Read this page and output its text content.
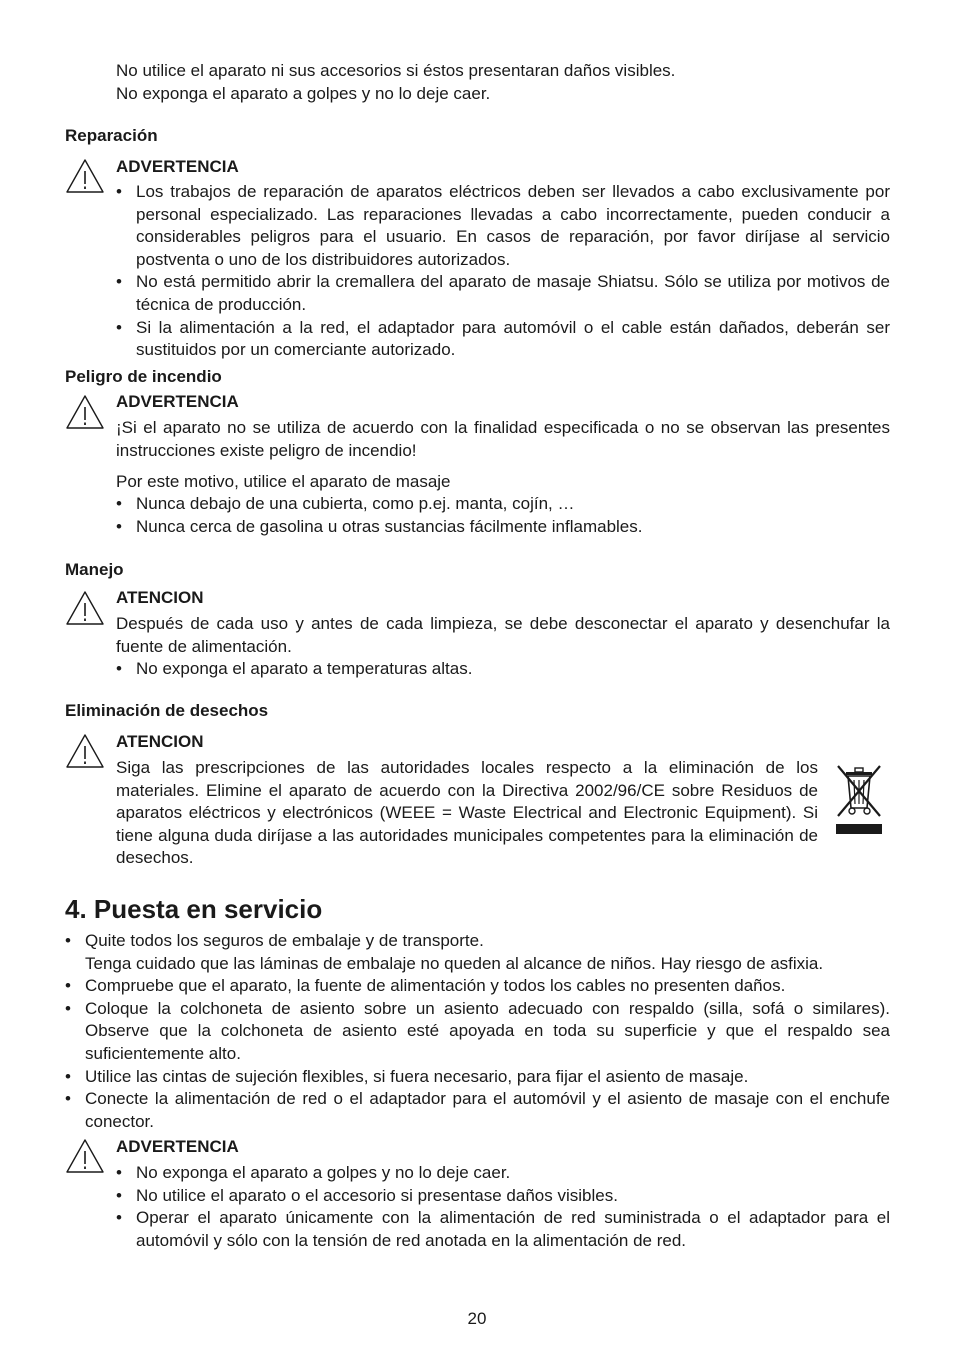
No utilice el aparato ni sus accesorios si éstos presentaran daños visibles.

No exponga el aparato a golpes y no lo deje caer.

Reparación
ADVERTENCIA
• Los trabajos de reparación de aparatos eléctricos deben ser llevados a cabo exclusivamente por personal especializado. Las reparaciones llevadas a cabo incorrectamente, pueden conducir a considerables peligros para el usuario. En casos de reparación, por favor diríjase al servicio postventa o uno de los distribuidores autorizados.
• No está permitido abrir la cremallera del aparato de masaje Shiatsu. Sólo se utiliza por motivos de técnica de producción.
• Si la alimentación a la red, el adaptador para automóvil o el cable están dañados, deberán ser sustituidos por un comerciante autorizado.
Peligro de incendio
ADVERTENCIA

¡Si el aparato no se utiliza de acuerdo con la finalidad especificada o no se observan las presentes instrucciones existe peligro de incendio!

Por este motivo, utilice el aparato de masaje

• Nunca debajo de una cubierta, como p.ej. manta, cojín, …
• Nunca cerca de gasolina u otras sustancias fácilmente inflamables.
Manejo
ATENCION

Después de cada uso y antes de cada limpieza, se debe desconectar el aparato y desenchufar la fuente de alimentación.

• No exponga el aparato a temperaturas altas.
Eliminación de desechos
ATENCION

Siga las prescripciones de las autoridades locales respecto a la eliminación de los materiales. Elimine el aparato de acuerdo con la Directiva 2002/96/CE sobre Residuos de aparatos eléctricos y electrónicos (WEEE = Waste Electrical and Electronic Equipment). Si tiene alguna duda diríjase a las autoridades municipales competentes para la eliminación de desechos.

4. Puesta en servicio
• Quite todos los seguros de embalaje y de transporte.
Tenga cuidado que las láminas de embalaje no queden al alcance de niños. Hay riesgo de asfixia.
• Compruebe que el aparato, la fuente de alimentación y todos los cables no presenten daños.
• Coloque la colchoneta de asiento sobre un asiento adecuado con respaldo (silla, sofá o similares). Observe que la colchoneta de asiento esté apoyada en toda su superficie y que el respaldo sea suficientemente alto.
• Utilice las cintas de sujeción flexibles, si fuera necesario, para fijar el asiento de masaje.
• Conecte la alimentación de red o el adaptador para el automóvil y el asiento de masaje con el enchufe conector.
ADVERTENCIA
• No exponga el aparato a golpes y no lo deje caer.
• No utilice el aparato o el accesorio si presentase daños visibles.
• Operar el aparato únicamente con la alimentación de red suministrada o el adaptador para el automóvil y sólo con la tensión de red anotada en la alimentación de red.
20
